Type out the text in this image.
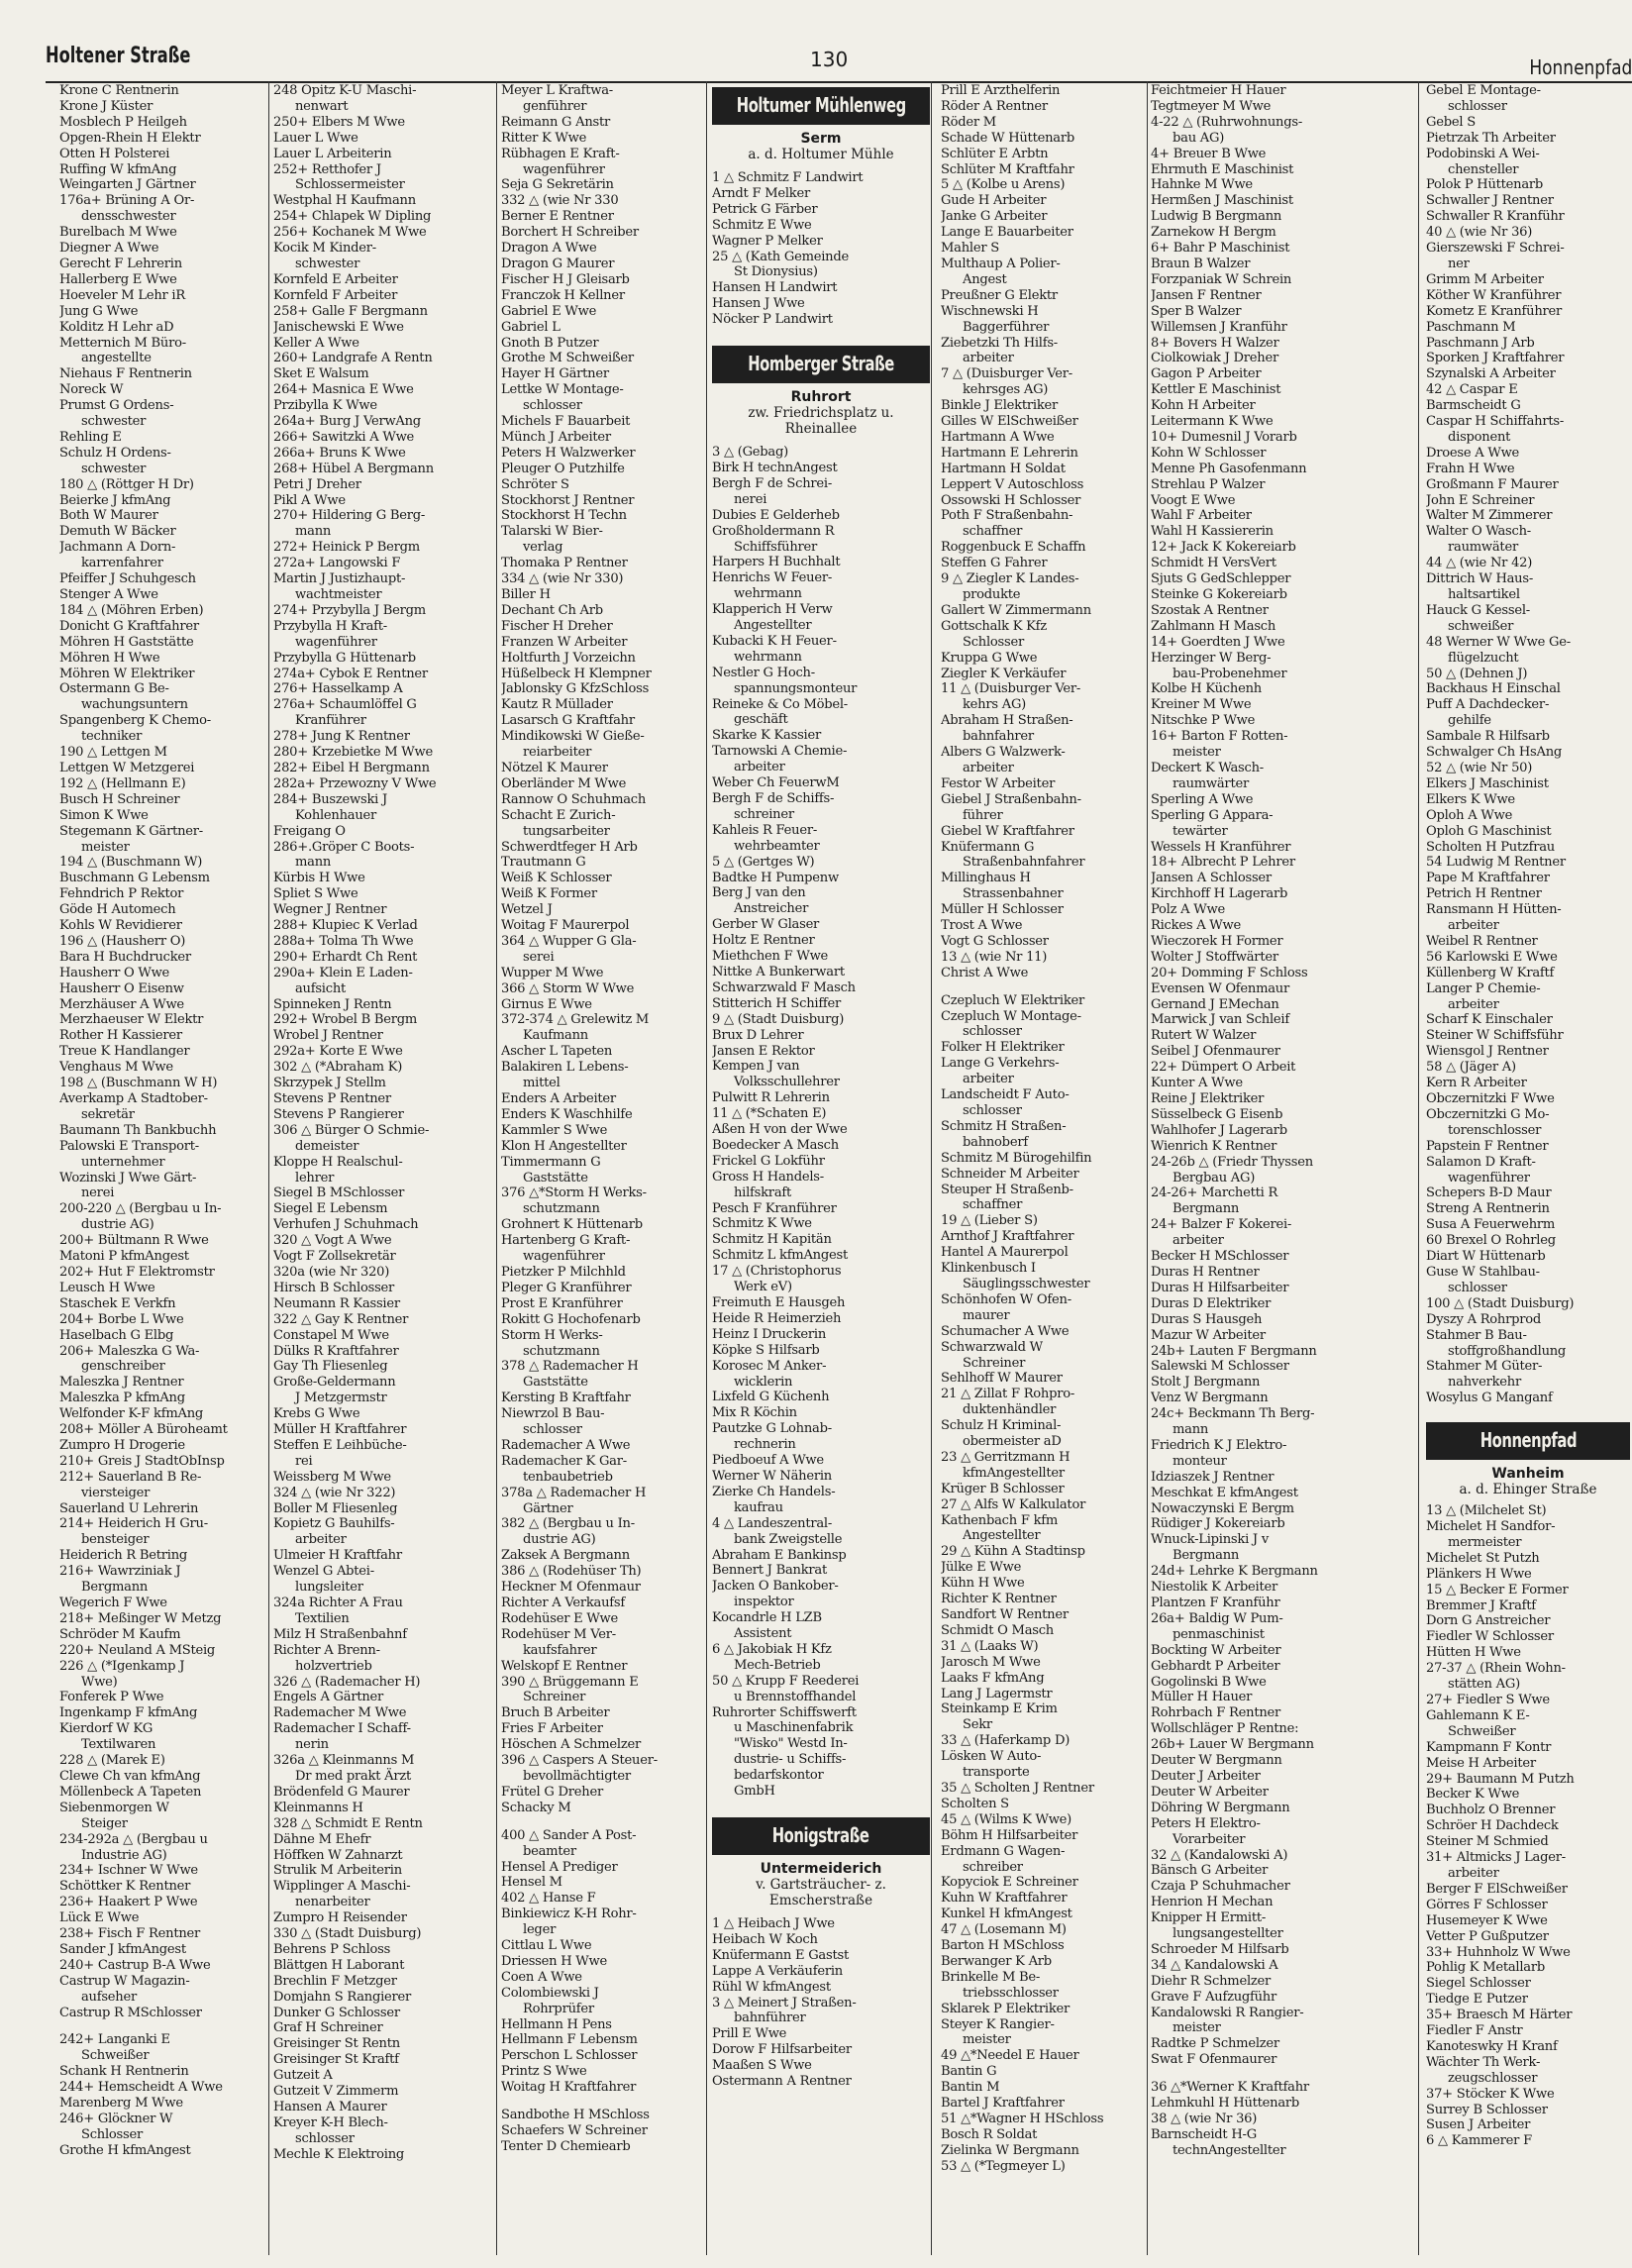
Holtener Straße	130	Honnenpfad
Krone C Rentnerin
Krone J Küster
Mosblech P Heilgeh
Opgen-Rhein H Elektr
Otten H Polsterei
Ruffing W kfmAng
Weingarten J Gärtner
176a+ Brüning A Or-
densschwester
Burelbach M Wwe
Diegner A Wwe
Gerecht F Lehrerin
Hallerberg E Wwe
Hoeveler M Lehr iR
Jung G Wwe
Kolditz H Lehr aD
Metternich M Büro-
angestellte
Niehaus F Rentnerin
Noreck W
Prumst G Ordens-
schwester
Rehling E
Schulz H Ordens-
schwester
180 △ (Röttger H Dr)
Beierke J kfmAng
Both W Maurer
Demuth W Bäcker
Jachmann A Dorn-
karrenfahrer
Pfeiffer J Schuhgesch
Stenger A Wwe
184 △ (Möhren Erben)
Donicht G Kraftfahrer
Möhren H Gaststätte
Möhren H Wwe
Möhren W Elektriker
Ostermann G Be-
wachungsuntern
Spangenberg K Chemo-
techniker
190 △ Lettgen M
Lettgen W Metzgerei
192 △ (Hellmann E)
Busch H Schreiner
Simon K Wwe
Stegemann K Gärtner-
meister
194 △ (Buschmann W)
Buschmann G Lebensm
Fehndrich P Rektor
Göde H Automech
Kohls W Revidierer
196 △ (Hausherr O)
Bara H Buchdrucker
Hausherr O Wwe
Hausherr O Eisenw
Merzhäuser A Wwe
Merzhaeuser W Elektr
Rother H Kassierer
Treue K Handlanger
Venghaus M Wwe
198 △ (Buschmann W H)
Averkamp A Stadtober-
sekretär
Baumann Th Bankbuchh
Palowski E Transport-
unternehmer
Wozinski J Wwe Gärt-
nerei
200-220 △ (Bergbau u In-
dustrie AG)
200+ Bültmann R Wwe
Matoni P kfmAngest
202+ Hut F Elektromstr
Leusch H Wwe
Staschek E Verkfn
204+ Borbe L Wwe
Haselbach G Elbg
206+ Maleszka G Wa-
genschreiber
Maleszka J Rentner
Maleszka P kfmAng
Welfonder K-F kfmAng
208+ Möller A Büroheamt
Zumpro H Drogerie
210+ Greis J StadtObInsp
212+ Sauerland B Re-
viersteiger
Sauerland U Lehrerin
214+ Heiderich H Gru-
bensteiger
Heiderich R Betring
216+ Wawrziniak J
Bergmann
Wegerich F Wwe
218+ Meßinger W Metzg
Schröder M Kaufm
220+ Neuland A MSteig
226 △ (*Igenkamp J
Wwe)
Fonferek P Wwe
Ingenkamp F kfmAng
Kierdorf W KG
Textilwaren
228 △ (Marek E)
Clewe Ch van kfmAng
Möllenbeck A Tapeten
Siebenmorgen W
Steiger
234-292a △ (Bergbau u
Industrie AG)
234+ Ischner W Wwe
Schöttker K Rentner
236+ Haakert P Wwe
Lück E Wwe
238+ Fisch F Rentner
Sander J kfmAngest
240+ Castrup B-A Wwe
Castrup W Magazin-
aufseher
Castrup R MSchlosser
242+ Langanki E
Schweißer
Schank H Rentnerin
244+ Hemscheidt A Wwe
Marenberg M Wwe
246+ Glöckner W
Schlosser
Grothe H kfmAngest
248 Opitz K-U Maschi-
nenwart
250+ Elbers M Wwe
Lauer L Wwe
Lauer L Arbeiterin
252+ Retthofer J
Schlossermeister
Westphal H Kaufmann
254+ Chlapek W Dipling
256+ Kochanek M Wwe
Kocik M Kinder-
schwester
Kornfeld E Arbeiter
Kornfeld F Arbeiter
258+ Galle F Bergmann
Janischewski E Wwe
Keller A Wwe
260+ Landgrafe A Rentn
Sket E Walsum
264+ Masnica E Wwe
Przibylla K Wwe
264a+ Burg J VerwAng
266+ Sawitzki A Wwe
266a+ Bruns K Wwe
268+ Hübel A Bergmann
Petri J Dreher
Pikl A Wwe
270+ Hildering G Berg-
mann
272+ Heinick P Bergm
272a+ Langowski F
Martin J Justizhaupt-
wachtmeister
274+ Przybylla J Bergm
Przybylla H Kraft-
wagenführer
Przybylla G Hüttenarb
274a+ Cybok E Rentner
276+ Hasselkamp A
276a+ Schaumlöffel G
Kranführer
278+ Jung K Rentner
280+ Krzebietke M Wwe
282+ Eibel H Bergmann
282a+ Przewozny V Wwe
284+ Buszewski J
Kohlenhauer
Freigang O
286+.Gröper C Boots-
mann
Kürbis H Wwe
Spliet S Wwe
Wegner J Rentner
288+ Klupiec K Verlad
288a+ Tolma Th Wwe
290+ Erhardt Ch Rent
290a+ Klein E Laden-
aufsicht
Spinneken J Rentn
292+ Wrobel B Bergm
Wrobel J Rentner
292a+ Korte E Wwe
302 △ (*Abraham K)
Skrzypek J Stellm
Stevens P Rentner
Stevens P Rangierer
306 △ Bürger O Schmie-
demeister
Kloppe H Realschul-
lehrer
Siegel B MSchlosser
Siegel E Lebensm
Verhufen J Schuhmach
320 △ Vogt A Wwe
Vogt F Zollsekretär
320a (wie Nr 320)
Hirsch B Schlosser
Neumann R Kassier
322 △ Gay K Rentner
Constapel M Wwe
Dülks R Kraftfahrer
Gay Th Fliesenleg
Große-Geldermann
J Metzgermstr
Krebs G Wwe
Müller H Kraftfahrer
Steffen E Leihbüche-
rei
Weissberg M Wwe
324 △ (wie Nr 322)
Boller M Fliesenleg
Kopietz G Bauhilfs-
arbeiter
Ulmeier H Kraftfahr
Wenzel G Abtei-
lungsleiter
324a Richter A Frau
Textilien
Milz H Straßenbahnf
Richter A Brenn-
holzvertrieb
326 △ (Rademacher H)
Engels A Gärtner
Rademacher M Wwe
Rademacher I Schaff-
nerin
326a △ Kleinmanns M
Dr med prakt Ärzt
Brödenfeld G Maurer
Kleinmanns H
328 △ Schmidt E Rentn
Dähne M Ehefr
Höffken W Zahnarzt
Strulik M Arbeiterin
Wipplinger A Maschi-
nenarbeiter
Zumpro H Reisender
330 △ (Stadt Duisburg)
Behrens P Schloss
Blättgen H Laborant
Brechlin F Metzger
Domjahn S Rangierer
Dunker G Schlosser
Graf H Schreiner
Greisinger St Rentn
Greisinger St Kraftf
Gutzeit A
Gutzeit V Zimmerm
Hansen A Maurer
Kreyer K-H Blech-
schlosser
Mechle K Elektroing
Meyer L Kraftwa-
genführer
Reimann G Anstr
Ritter K Wwe
Rübhagen E Kraft-
wagenführer
Seja G Sekretärin
332 △ (wie Nr 330
Berner E Rentner
Borchert H Schreiber
Dragon A Wwe
Dragon G Maurer
Fischer H J Gleisarb
Franczok H Kellner
Gabriel E Wwe
Gabriel L
Gnoth B Putzer
Grothe M Schweißer
Hayer H Gärtner
Lettke W Montage-
schlosser
Michels F Bauarbeit
Münch J Arbeiter
Peters H Walzwerker
Pleuger O Putzhilfe
Schröter S
Stockhorst J Rentner
Stockhorst H Techn
Talarski W Bier-
verlag
Thomaka P Rentner
334 △ (wie Nr 330)
Biller H
Dechant Ch Arb
Fischer H Dreher
Franzen W Arbeiter
Holtfurth J Vorzeichn
Hüßelbeck H Klempner
Jablonsky G KfzSchloss
Kautz R Müllader
Lasarsch G Kraftfahr
Mindikowski W Gieße-
reiarbeiter
Nötzel K Maurer
Oberländer M Wwe
Rannow O Schuhmach
Schacht E Zurich-
tungsarbeiter
Schwerdtfeger H Arb
Trautmann G
Weiß K Schlosser
Weiß K Former
Wetzel J
Woitag F Maurerpol
364 △ Wupper G Gla-
serei
Wupper M Wwe
366 △ Storm W Wwe
Girnus E Wwe
372-374 △ Grelewitz M
Kaufmann
Ascher L Tapeten
Balakiren L Lebens-
mittel
Enders A Arbeiter
Enders K Waschhilfe
Kammler S Wwe
Klon H Angestellter
Timmermann G
Gaststätte
376 △*Storm H Werks-
schutzmann
Grohnert K Hüttenarb
Hartenberg G Kraft-
wagenführer
Pietzker P Milchhld
Pleger G Kranführer
Prost E Kranführer
Rokitt G Hochofenarb
Storm H Werks-
schutzmann
378 △ Rademacher H
Gaststätte
Kersting B Kraftfahr
Niewrzol B Bau-
schlosser
Rademacher A Wwe
Rademacher K Gar-
tenbaubetrieb
378a △ Rademacher H
Gärtner
382 △ (Bergbau u In-
dustrie AG)
Zaksek A Bergmann
386 △ (Rodehüser Th)
Heckner M Ofenmaur
Richter A Verkaufsf
Rodehüser E Wwe
Rodehüser M Ver-
kaufsfahrer
Welskopf E Rentner
390 △ Brüggemann E
Schreiner
Bruch B Arbeiter
Fries F Arbeiter
Höschen A Schmelzer
396 △ Caspers A Steuer-
bevollmächtigter
Frütel G Dreher
Schacky M
400 △ Sander A Post-
beamter
Hensel A Prediger
Hensel M
402 △ Hanse F
Binkiewicz K-H Rohr-
leger
Cittlau L Wwe
Driessen H Wwe
Coen A Wwe
Colombiewski J
Rohrprüfer
Hellmann H Pens
Hellmann F Lebensm
Perschon L Schlosser
Printz S Wwe
Woitag H Kraftfahrer
Sandbothe H MSchloss
Schaefers W Schreiner
Tenter D Chemiearb
Holtumer Mühlenweg
Serm
a. d. Holtumer Mühle
1 △ Schmitz F Landwirt
Arndt F Melker
Petrick G Färber
Schmitz E Wwe
Wagner P Melker
25 △ (Kath Gemeinde
St Dionysius)
Hansen H Landwirt
Hansen J Wwe
Nöcker P Landwirt
Homberger Straße
Ruhrort
zw. Friedrichsplatz u.
Rheinallee
3 △ (Gebag)
Birk H technAngest
Bergh F de Schrei-
nerei
Dubies E Gelderheb
Großholdermann R
Schiffsführer
Harpers H Buchhalt
Henrichs W Feuer-
wehrmann
Klapperich H Verw
Angestellter
Kubacki K H Feuer-
wehrmann
Nestler G Hoch-
spannungsmonteur
Reineke & Co Möbel-
geschäft
Skarke K Kassier
Tarnowski A Chemie-
arbeiter
Weber Ch FeuerwM
Bergh F de Schiffs-
schreiner
Kahleis R Feuer-
wehrbeamter
5 △ (Gertges W)
Badtke H Pumpenw
Berg J van den
Anstreicher
Gerber W Glaser
Holtz E Rentner
Miethchen F Wwe
Nittke A Bunkerwart
Schwarzwald F Masch
Stitterich H Schiffer
9 △ (Stadt Duisburg)
Brux D Lehrer
Jansen E Rektor
Kempen J van
Volksschullehrer
Pulwitt R Lehrerin
11 △ (*Schaten E)
Aßen H von der Wwe
Boedecker A Masch
Frickel G Lokführ
Gross H Handels-
hilfskraft
Pesch F Kranführer
Schmitz K Wwe
Schmitz H Kapitän
Schmitz L kfmAngest
17 △ (Christophorus
Werk eV)
Freimuth E Hausgeh
Heide R Heimerzieh
Heinz I Druckerin
Köpke S Hilfsarb
Korosec M Anker-
wicklerin
Lixfeld G Küchenh
Mix R Köchin
Pautzke G Lohnab-
rechnerin
Piedboeuf A Wwe
Werner W Näherin
Zierke Ch Handels-
kaufrau
4 △ Landeszentral-
bank Zweigstelle
Abraham E Bankinsp
Bennert J Bankrat
Jacken O Bankober-
inspektor
Kocandrle H LZB
Assistent
6 △ Jakobiak H Kfz
Mech-Betrieb
50 △ Krupp F Reederei
u Brennstoffhandel
Ruhrorter Schiffswerft
u Maschinenfabrik
"Wisko" Westd In-
dustrie- u Schiffs-
bedarfskontor
GmbH
Honigstraße
Untermeiderich
v. Gartsträucher- z.
Emscherstraße
1 △ Heibach J Wwe
Heibach W Koch
Knüfermann E Gastst
Lappe A Verkäuferin
Rühl W kfmAngest
3 △ Meinert J Straßen-
bahnführer
Prill E Wwe
Dorow F Hilfsarbeiter
Maaßen S Wwe
Ostermann A Rentner
Prill E Arzthelferin
Röder A Rentner
Röder M
Schade W Hüttenarb
Schlüter E Arbtn
Schlüter M Kraftfahr
5 △ (Kolbe u Arens)
Gude H Arbeiter
Janke G Arbeiter
Lange E Bauarbeiter
Mahler S
Multhaup A Polier-
Angest
Preußner G Elektr
Wischnewski H
Baggerführer
Ziebetzki Th Hilfs-
arbeiter
7 △ (Duisburger Ver-
kehrsges AG)
Binkle J Elektriker
Gilles W ElSchweißer
Hartmann A Wwe
Hartmann E Lehrerin
Hartmann H Soldat
Leppert V Autoschloss
Ossowski H Schlosser
Poth F Straßenbahn-
schaffner
Roggenbuck E Schaffn
Steffen G Fahrer
9 △ Ziegler K Landes-
produkte
Gallert W Zimmermann
Gottschalk K Kfz
Schlosser
Kruppa G Wwe
Ziegler K Verkäufer
11 △ (Duisburger Ver-
kehrs AG)
Abraham H Straßen-
bahnfahrer
Albers G Walzwerk-
arbeiter
Festor W Arbeiter
Giebel J Straßenbahn-
führer
Giebel W Kraftfahrer
Knüfermann G
Straßenbahnfahrer
Millinghaus H
Strassenbahner
Müller H Schlosser
Trost A Wwe
Vogt G Schlosser
13 △ (wie Nr 11)
Christ A Wwe
Czepluch W Elektriker
Czepluch W Montage-
schlosser
Folker H Elektriker
Lange G Verkehrs-
arbeiter
Landscheidt F Auto-
schlosser
Schmitz H Straßen-
bahnoberf
Schmitz M Bürogehilfin
Schneider M Arbeiter
Steuper H Straßenb-
schaffner
19 △ (Lieber S)
Arnthof J Kraftfahrer
Hantel A Maurerpol
Klinkenbusch I
Säuglingsschwester
Schönhofen W Ofen-
maurer
Schumacher A Wwe
Schwarzwald W
Schreiner
Sehlhoff W Maurer
21 △ Zillat F Rohpro-
duktenhändler
Schulz H Kriminal-
obermeister aD
23 △ Gerritzmann H
kfmAngestellter
Krüger B Schlosser
27 △ Alfs W Kalkulator
Kathenbach F kfm
Angestellter
29 △ Kühn A Stadtinsp
Jülke E Wwe
Kühn H Wwe
Richter K Rentner
Sandfort W Rentner
Schmidt O Masch
31 △ (Laaks W)
Jarosch M Wwe
Laaks F kfmAng
Lang J Lagermstr
Steinkamp E Krim
Sekr
33 △ (Haferkamp D)
Lösken W Auto-
transporte
35 △ Scholten J Rentner
Scholten S
45 △ (Wilms K Wwe)
Böhm H Hilfsarbeiter
Erdmann G Wagen-
schreiber
Kopyciok E Schreiner
Kuhn W Kraftfahrer
Kunkel H kfmAngest
47 △ (Losemann M)
Barton H MSchloss
Berwanger K Arb
Brinkelle M Be-
triebsschlosser
Sklarek P Elektriker
Steyer K Rangier-
meister
49 △*Needel E Hauer
Bantin G
Bantin M
Bartel J Kraftfahrer
51 △*Wagner H HSchloss
Bosch R Soldat
Zielinka W Bergmann
53 △ (*Tegmeyer L)
Feichtmeier H Hauer
Tegtmeyer M Wwe
4-22 △ (Ruhrwohnungs-
bau AG)
4+ Breuer B Wwe
Ehrmuth E Maschinist
Hahnke M Wwe
Hermßen J Maschinist
Ludwig B Bergmann
Zarnekow H Bergm
6+ Bahr P Maschinist
Braun B Walzer
Forzpaniak W Schrein
Jansen F Rentner
Sper B Walzer
Willemsen J Kranführ
8+ Bovers H Walzer
Ciolkowiak J Dreher
Gagon P Arbeiter
Kettler E Maschinist
Kohn H Arbeiter
Leitermann K Wwe
10+ Dumesnil J Vorarb
Kohn W Schlosser
Menne Ph Gasofenmann
Strehlau P Walzer
Voogt E Wwe
Wahl F Arbeiter
Wahl H Kassiererin
12+ Jack K Kokereiarb
Schmidt H VersVert
Sjuts G GedSchlepper
Steinke G Kokereiarb
Szostak A Rentner
Zahlmann H Masch
14+ Goerdten J Wwe
Herzinger W Berg-
bau-Probenehmer
Kolbe H Küchenh
Kreiner M Wwe
Nitschke P Wwe
16+ Barton F Rotten-
meister
Deckert K Wasch-
raumwärter
Sperling A Wwe
Sperling G Appara-
tewärter
Wessels H Kranführer
18+ Albrecht P Lehrer
Jansen A Schlosser
Kirchhoff H Lagerarb
Polz A Wwe
Rickes A Wwe
Wieczorek H Former
Wolter J Stoffwärter
20+ Domming F Schloss
Evensen W Ofenmaur
Gernand J EMechan
Marwick J van Schleif
Rutert W Walzer
Seibel J Ofenmaurer
22+ Dümpert O Arbeit
Kunter A Wwe
Reine J Elektriker
Süsselbeck G Eisenb
Wahlhofer J Lagerarb
Wienrich K Rentner
24-26b △ (Friedr Thyssen
Bergbau AG)
24-26+ Marchetti R
Bergmann
24+ Balzer F Kokerei-
arbeiter
Becker H MSchlosser
Duras H Rentner
Duras H Hilfsarbeiter
Duras D Elektriker
Duras S Hausgeh
Mazur W Arbeiter
24b+ Lauten F Bergmann
Salewski M Schlosser
Stolt J Bergmann
Venz W Bergmann
24c+ Beckmann Th Berg-
mann
Friedrich K J Elektro-
monteur
Idziaszek J Rentner
Meschkat E kfmAngest
Nowaczynski E Bergm
Rüdiger J Kokereiarb
Wnuck-Lipinski J v
Bergmann
24d+ Lehrke K Bergmann
Niestolik K Arbeiter
Plantzen F Kranführ
26a+ Baldig W Pum-
penmaschinist
Bockting W Arbeiter
Gebhardt P Arbeiter
Gogolinski B Wwe
Müller H Hauer
Rohrbach F Rentner
Wollschläger P Rentne:
26b+ Lauer W Bergmann
Deuter W Bergmann
Deuter J Arbeiter
Deuter W Arbeiter
Döhring W Bergmann
Peters H Elektro-
Vorarbeiter
32 △ (Kandalowski A)
Bänsch G Arbeiter
Czaja P Schuhmacher
Henrion H Mechan
Knipper H Ermitt-
lungsangestellter
Schroeder M Hilfsarb
34 △ Kandalowski A
Diehr R Schmelzer
Grave F Aufzugführ
Kandalowski R Rangier-
meister
Radtke P Schmelzer
Swat F Ofenmaurer
36 △*Werner K Kraftfahr
Lehmkuhl H Hüttenarb
38 △ (wie Nr 36)
Barnscheidt H-G
technAngestellter
Gebel E Montage-
schlosser
Gebel S
Pietrzak Th Arbeiter
Podobinski A Wei-
chensteller
Polok P Hüttenarb
Schwaller J Rentner
Schwaller R Kranführ
40 △ (wie Nr 36)
Gierszewski F Schrei-
ner
Grimm M Arbeiter
Köther W Kranführer
Kometz E Kranführer
Paschmann M
Paschmann J Arb
Sporken J Kraftfahrer
Szynalski A Arbeiter
42 △ Caspar E
Barmscheidt G
Caspar H Schiffahrts-
disponent
Droese A Wwe
Frahn H Wwe
Großmann F Maurer
John E Schreiner
Walter M Zimmerer
Walter O Wasch-
raumwäter
44 △ (wie Nr 42)
Dittrich W Haus-
haltsartikel
Hauck G Kessel-
schweißer
48 Werner W Wwe Ge-
flügelzucht
50 △ (Dehnen J)
Backhaus H Einschal
Puff A Dachdecker-
gehilfe
Sambale R Hilfsarb
Schwalger Ch HsAng
52 △ (wie Nr 50)
Elkers J Maschinist
Elkers K Wwe
Oploh A Wwe
Oploh G Maschinist
Scholten H Putzfrau
54 Ludwig M Rentner
Pape M Kraftfahrer
Petrich H Rentner
Ransmann H Hütten-
arbeiter
Weibel R Rentner
56 Karlowski E Wwe
Küllenberg W Kraftf
Langer P Chemie-
arbeiter
Scharf K Einschaler
Steiner W Schiffsführ
Wiensgol J Rentner
58 △ (Jäger A)
Kern R Arbeiter
Obczernitzki F Wwe
Obczernitzki G Mo-
torenschlosser
Papstein F Rentner
Salamon D Kraft-
wagenführer
Schepers B-D Maur
Streng A Rentnerin
Susa A Feuerwehrm
60 Brexel O Rohrleg
Diart W Hüttenarb
Guse W Stahlbau-
schlosser
100 △ (Stadt Duisburg)
Dyszy A Rohrprod
Stahmer B Bau-
stoffgroßhandlung
Stahmer M Güter-
nahverkehr
Wosylus G Manganf
Honnenpfad
Wanheim
a. d. Ehinger Straße
13 △ (Milchelet St)
Michelet H Sandfor-
mermeister
Michelet St Putzh
Plänkers H Wwe
15 △ Becker E Former
Bremmer J Kraftf
Dorn G Anstreicher
Fiedler W Schlosser
Hütten H Wwe
27-37 △ (Rhein Wohn-
stätten AG)
27+ Fiedler S Wwe
Gahlemann K E-
Schweißer
Kampmann F Kontr
Meise H Arbeiter
29+ Baumann M Putzh
Becker K Wwe
Buchholz O Brenner
Schröer H Dachdeck
Steiner M Schmied
31+ Altmicks J Lager-
arbeiter
Berger F ElSchweißer
Görres F Schlosser
Husemeyer K Wwe
Vetter P Gußputzer
33+ Huhnholz W Wwe
Pohlig K Metallarb
Siegel Schlosser
Tiedge E Putzer
35+ Braesch M Härter
Fiedler F Anstr
Kanoteswky H Kranf
Wächter Th Werk-
zeugschlosser
37+ Stöcker K Wwe
Surrey B Schlosser
Susen J Arbeiter
6 △ Kammerer F
